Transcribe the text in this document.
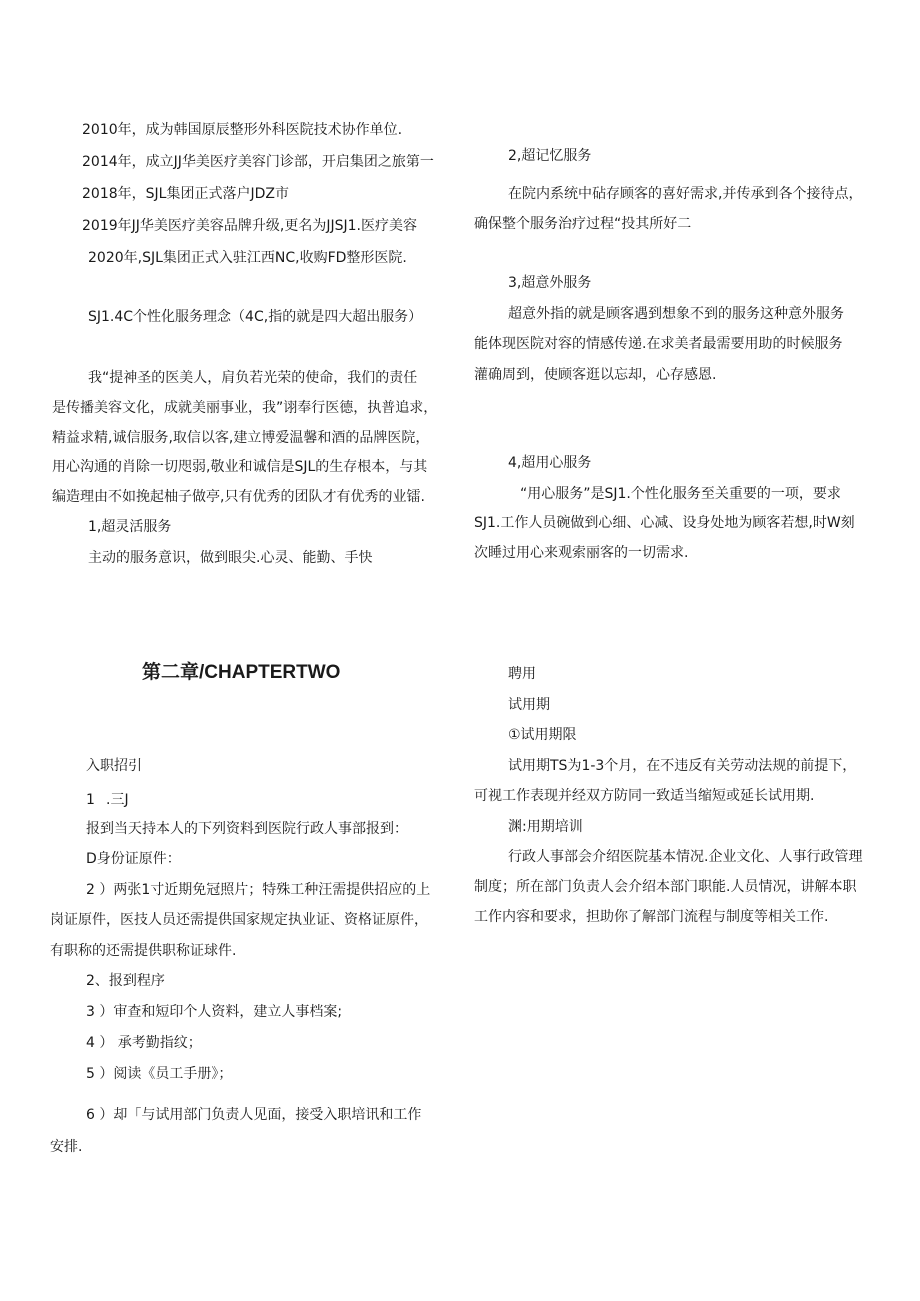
2010年，成为韩国原辰整形外科医院技术协作单位.

2014年，成立JJ华美医疗美容门诊部，开启集团之旅第一

2018年，SJL集团正式落户JDZ市

2019年JJ华美医疗美容品牌升级,更名为JJSJ1.医疗美容

2020年,SJL集团正式入驻江西NC,收购FD整形医院.

SJ1.4C个性化服务理念（4C,指的就是四大超出服务）

我“提神圣的医美人，肩负若光荣的使命，我们的责任

是传播美容文化，成就美丽事业，我”诩奉行医德，执普追求，

精益求精,诚信服务,取信以客,建立博爱温馨和酒的品牌医院，

用心沟通的肖除一切咫弱,敬业和诚信是SJL的生存根本，与其

编造理由不如挽起柚子做亭,只有优秀的团队才有优秀的业镭.

1,超灵活服务

主动的服务意识，做到眼尖.心灵、能勤、手快

2,超记忆服务

在院内系统中砧存顾客的喜好需求,并传承到各个接待点，

确保整个服务治疗过程“投其所好二

3,超意外服务

超意外指的就是顾客遇到想象不到的服务这种意外服务

能体现医院对容的情感传递.在求美者最需要用助的时候服务

灌确周到，使顾客逛以忘却，心存感恩.

4,超用心服务

“用心服务”是SJ1.个性化服务至关重要的一项，要求

SJ1.工作人员碗做到心细、心减、设身处地为顾客若想,时W刻

次睡过用心来观索丽客的一切需求.

第二章/CHAPTERTWO

入职招引

1 .三J

报到当天持本人的下列资料到医院行政人事部报到：

D身份证原件：

2 ）两张1寸近期免冠照片；特殊工种汪需提供招应的上

岗证原件，医技人员还需提供国家规定执业证、资格证原件，

有职称的还需提供职称证球件.

2、报到程序

3 ）审查和短印个人资料，建立人事档案;

4 ） 承考勤指纹；

5 ）阅读《员工手册》；

6 ）却「与试用部门负责人见面，接受入职培讯和工作

安排.

聘用

试用期

①试用期限

试用期TS为1-3个月，在不违反有关劳动法规的前提下，

可视工作表现并经双方防同一致适当缩短或延长试用期.

渊:用期培训

行政人事部会介绍医院基本情况.企业文化、人事行政管理

制度；所在部门负责人会介绍本部门职能.人员情况，讲解本职

工作内容和要求，担助你了解部门流程与制度等相关工作.
